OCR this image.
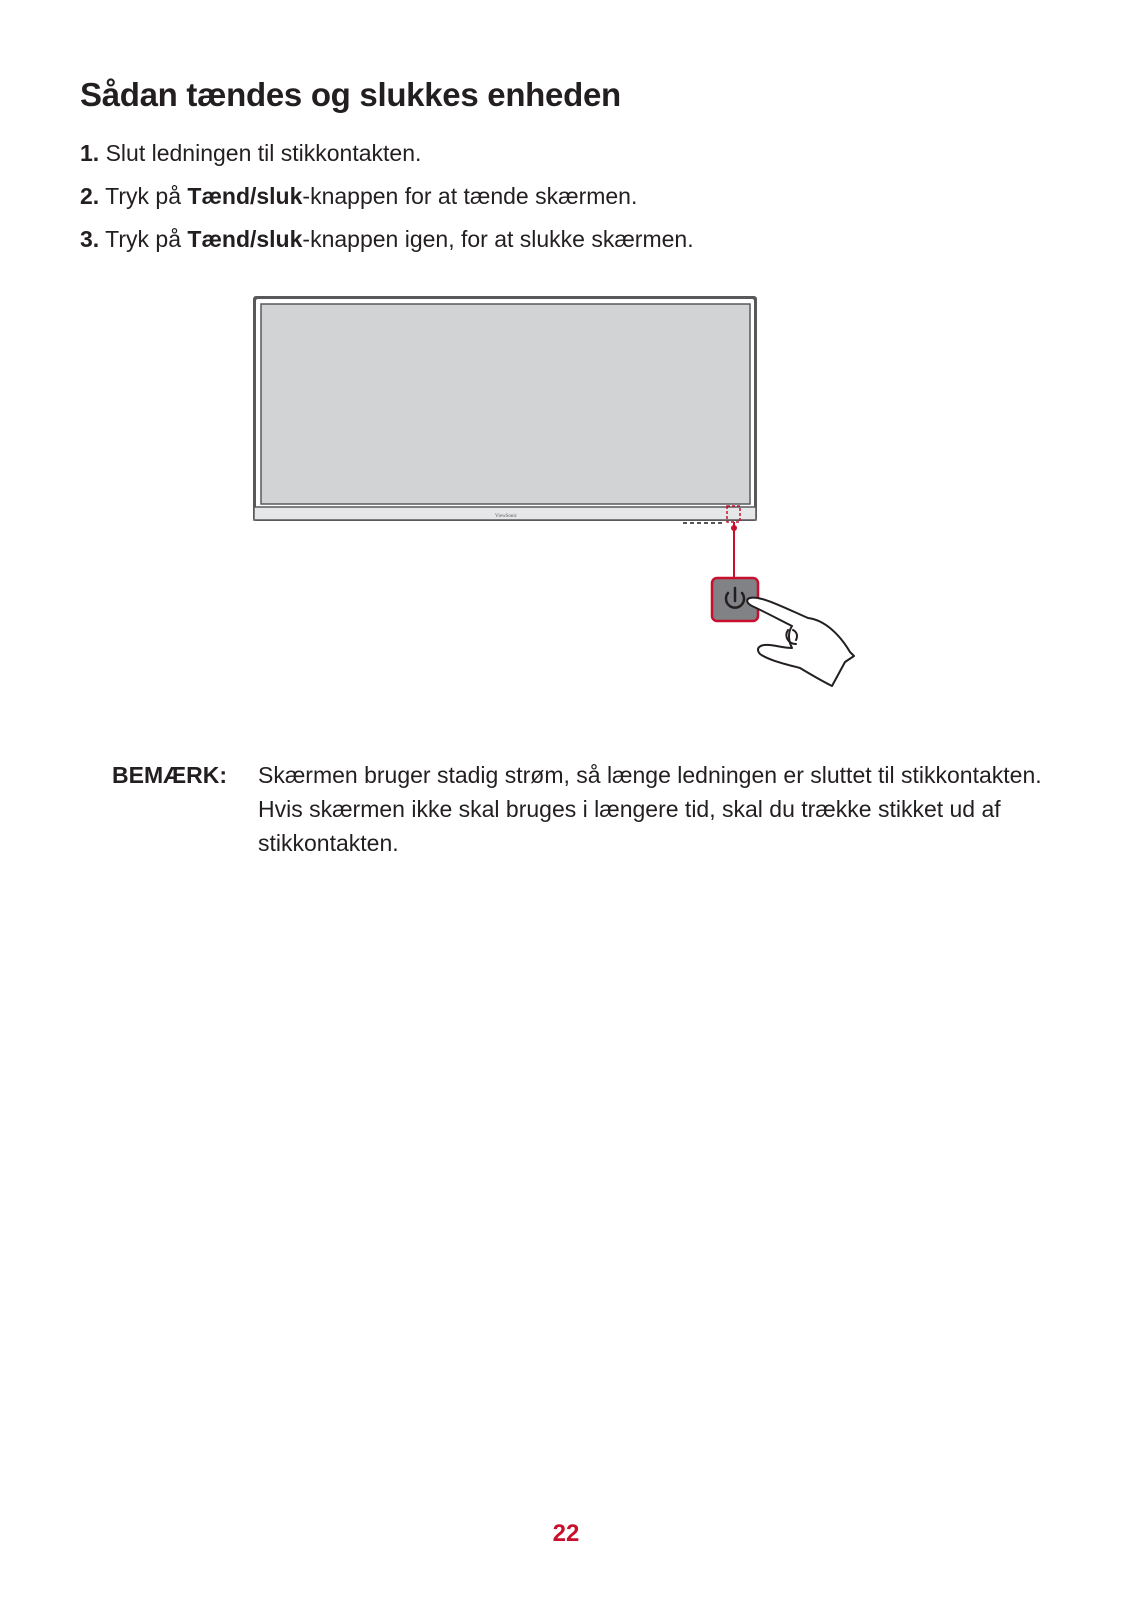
Sådan tændes og slukkes enheden
1. Slut ledningen til stikkontakten.
2. Tryk på Tænd/sluk-knappen for at tænde skærmen.
3. Tryk på Tænd/sluk-knappen igen, for at slukke skærmen.
ViewSonic
BEMÆRK:	Skærmen bruger stadig strøm, så længe ledningen er sluttet til stikkontakten. Hvis skærmen ikke skal bruges i længere tid, skal du trække stikket ud af stikkontakten.
22
